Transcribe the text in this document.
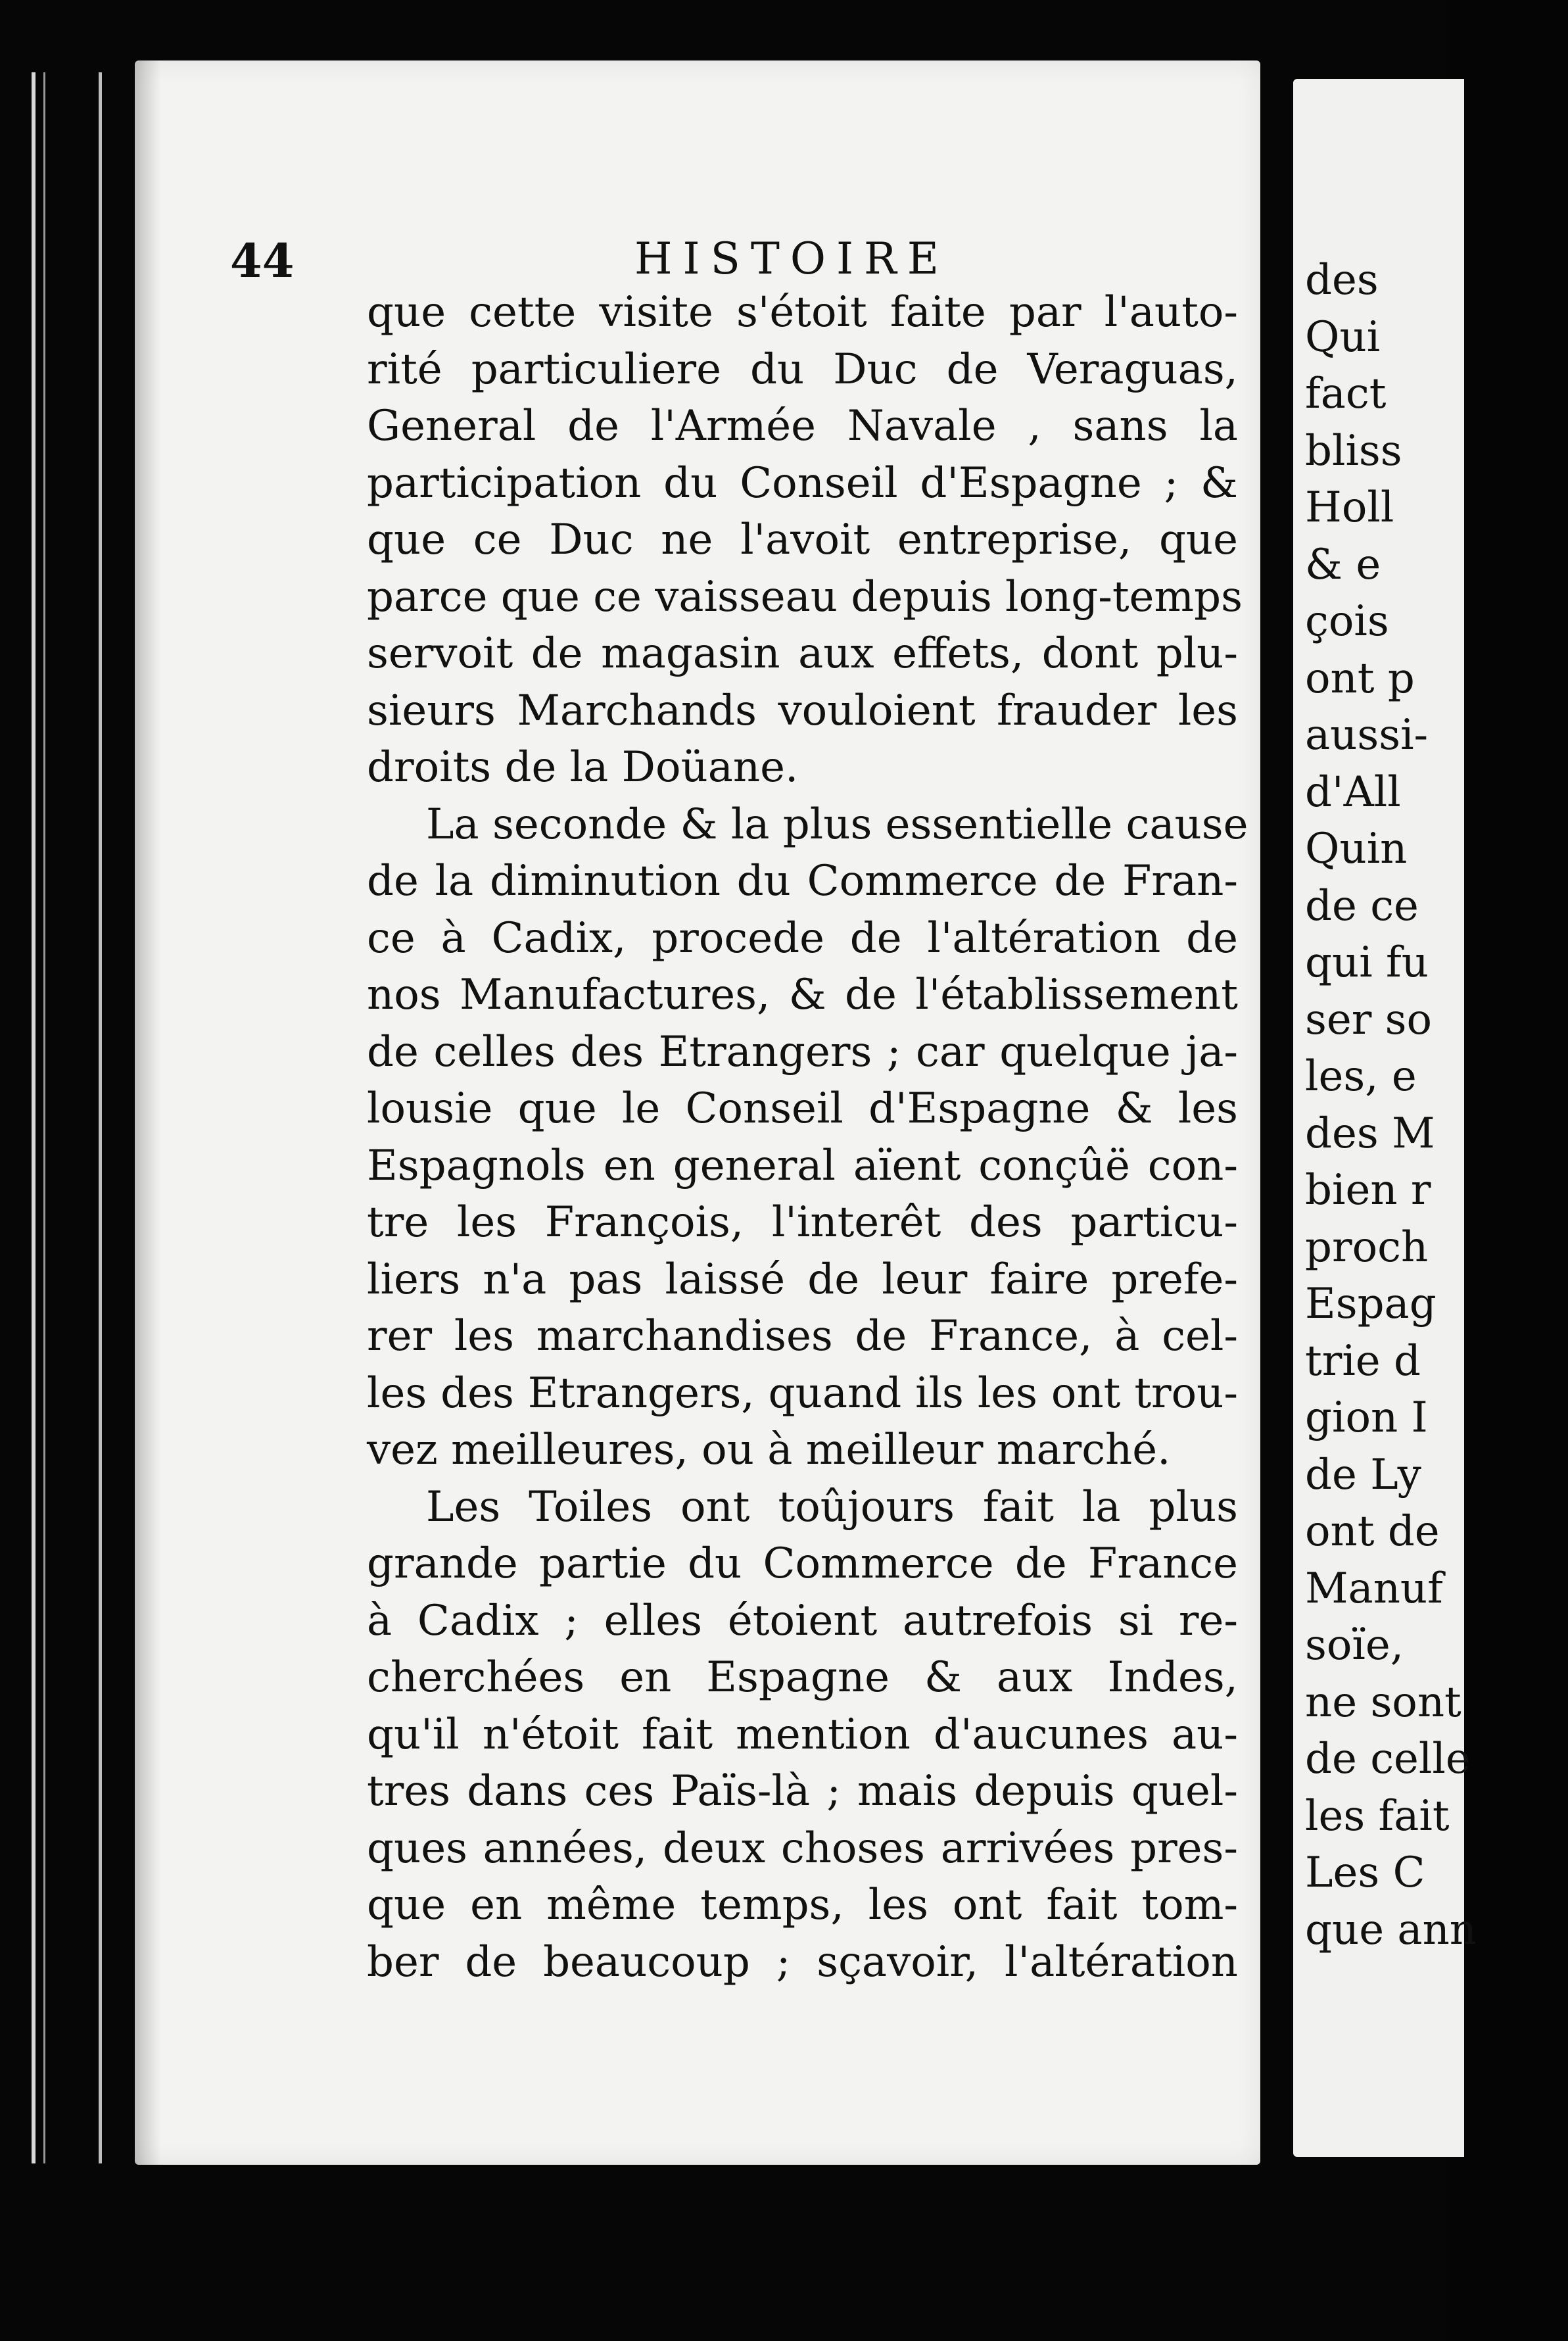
44	HISTOIRE
que cette visite s'étoit faite par l'auto-
rité particuliere du Duc de Veraguas,
General de l'Armée Navale , sans la
participation du Conseil d'Espagne ; &
que ce Duc ne l'avoit entreprise, que
parce que ce vaisseau depuis long-temps
servoit de magasin aux effets, dont plu-
sieurs Marchands vouloient frauder les
droits de la Doüane.
La seconde & la plus essentielle cause
de la diminution du Commerce de Fran-
ce à Cadix, procede de l'altération de
nos Manufactures, & de l'établissement
de celles des Etrangers ; car quelque ja-
lousie que le Conseil d'Espagne & les
Espagnols en general aïent conçûë con-
tre les François, l'interêt des particu-
liers n'a pas laissé de leur faire prefe-
rer les marchandises de France, à cel-
les des Etrangers, quand ils les ont trou-
vez meilleures, ou à meilleur marché.
Les Toiles ont toûjours fait la plus
grande partie du Commerce de France
à Cadix ; elles étoient autrefois si re-
cherchées en Espagne & aux Indes,
qu'il n'étoit fait mention d'aucunes au-
tres dans ces Païs-là ; mais depuis quel-
ques années, deux choses arrivées pres-
que en même temps, les ont fait tom-
ber de beaucoup ; sçavoir, l'altération
des
Qui
fact
bliss
Holl
& e
çois
ont p
aussi-
d'All
Quin
de ce
qui fu
ser so
les, e
des M
bien r
proch
Espag
trie d
gion I
de Ly
ont de
Manuf
soïe,
ne sont
de celle
les fait
Les C
que ann
